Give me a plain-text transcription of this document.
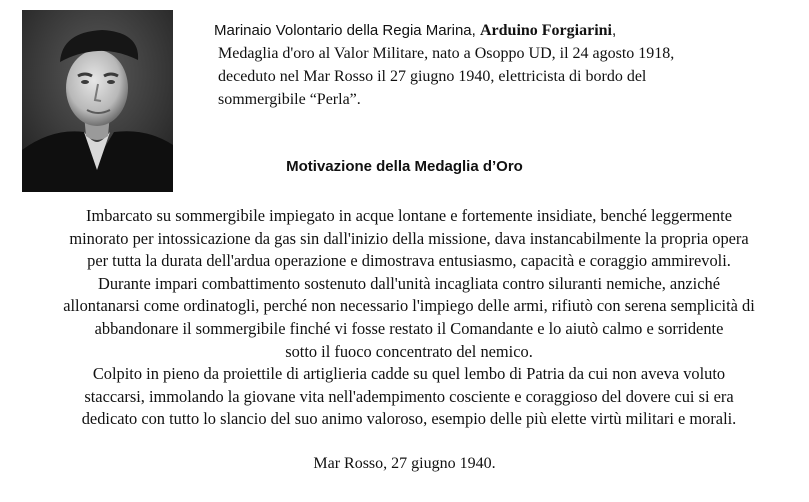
Marinaio Volontario della Regia Marina, Arduino Forgiarini,
Medaglia d'oro al Valor Militare, nato a Osoppo UD, il 24 agosto 1918,
deceduto nel Mar Rosso il 27 giugno 1940, elettricista di bordo del
sommergibile “Perla”.
Motivazione della Medaglia d’Oro
Imbarcato su sommergibile impiegato in acque lontane e fortemente insidiate, benché leggermente
minorato per intossicazione da gas sin dall'inizio della missione, dava instancabilmente la propria opera
per tutta la durata dell'ardua operazione e dimostrava entusiasmo, capacità e coraggio ammirevoli.
Durante impari combattimento sostenuto dall'unità incagliata contro siluranti nemiche, anziché
allontanarsi come ordinatogli, perché non necessario l'impiego delle armi, rifiutò con serena semplicità di
abbandonare il sommergibile finché vi fosse restato il Comandante e lo aiutò calmo e sorridente
sotto il fuoco concentrato del nemico.
Colpito in pieno da proiettile di artiglieria cadde su quel lembo di Patria da cui non aveva voluto
staccarsi, immolando la giovane vita nell'adempimento cosciente e coraggioso del dovere cui si era
dedicato con tutto lo slancio del suo animo valoroso, esempio delle più elette virtù militari e morali.
Mar Rosso, 27 giugno 1940.
